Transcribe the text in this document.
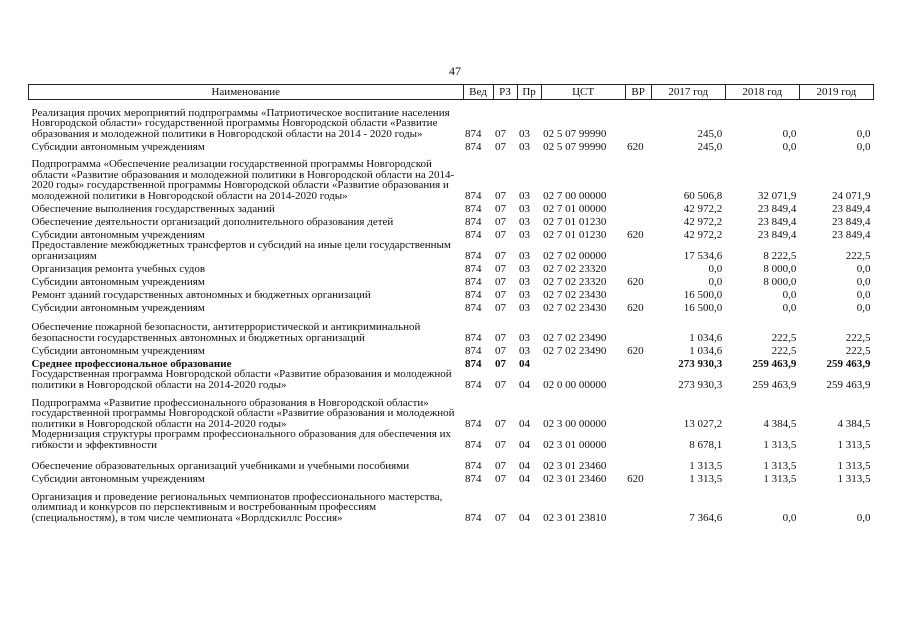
47
Наименование	Вед	РЗ	Пр	ЦСТ	ВР	2017 год	2018 год	2019 год
Реализация прочих мероприятий подпрограммы «Патриотическое воспитание населения Новгородской области» государственной программы Новгородской области «Развитие образования и молодежной политики в Новгородской области на 2014 - 2020 годы»	874	07	03	02 5 07 99990		245,0	0,0	0,0
Субсидии автономным учреждениям	874	07	03	02 5 07 99990	620	245,0	0,0	0,0
Подпрограмма «Обеспечение реализации государственной программы Новгородской области «Развитие образования и молодежной политики в Новгородской области на 2014-2020 годы» государственной программы Новгородской области «Развитие образования и молодежной политики в Новгородской области на 2014-2020 годы»	874	07	03	02 7 00 00000		60 506,8	32 071,9	24 071,9
Обеспечение выполнения государственных заданий	874	07	03	02 7 01 00000		42 972,2	23 849,4	23 849,4
Обеспечение деятельности организаций дополнительного образования детей	874	07	03	02 7 01 01230		42 972,2	23 849,4	23 849,4
Субсидии автономным учреждениям	874	07	03	02 7 01 01230	620	42 972,2	23 849,4	23 849,4
Предоставление межбюджетных трансфертов и субсидий на иные цели государственным организациям	874	07	03	02 7 02 00000		17 534,6	8 222,5	222,5
Организация ремонта учебных судов	874	07	03	02 7 02 23320		0,0	8 000,0	0,0
Субсидии автономным учреждениям	874	07	03	02 7 02 23320	620	0,0	8 000,0	0,0
Ремонт зданий государственных автономных и бюджетных организаций	874	07	03	02 7 02 23430		16 500,0	0,0	0,0
Субсидии автономным учреждениям	874	07	03	02 7 02 23430	620	16 500,0	0,0	0,0
Обеспечение пожарной безопасности, антитеррористической и антикриминальной безопасности государственных автономных и бюджетных организаций	874	07	03	02 7 02 23490		1 034,6	222,5	222,5
Субсидии автономным учреждениям	874	07	03	02 7 02 23490	620	1 034,6	222,5	222,5
Среднее профессиональное образование	874	07	04			273 930,3	259 463,9	259 463,9
Государственная программа Новгородской области «Развитие образования и молодежной политики в Новгородской области на 2014-2020 годы»	874	07	04	02 0 00 00000		273 930,3	259 463,9	259 463,9
Подпрограмма «Развитие профессионального образования в Новгородской области» государственной программы Новгородской области «Развитие образования и молодежной политики в Новгородской области на 2014-2020 годы»	874	07	04	02 3 00 00000		13 027,2	4 384,5	4 384,5
Модернизация структуры программ профессионального образования для обеспечения их гибкости и эффективности	874	07	04	02 3 01 00000		8 678,1	1 313,5	1 313,5
Обеспечение образовательных организаций учебниками и учебными пособиями	874	07	04	02 3 01 23460		1 313,5	1 313,5	1 313,5
Субсидии автономным учреждениям	874	07	04	02 3 01 23460	620	1 313,5	1 313,5	1 313,5
Организация и проведение региональных чемпионатов профессионального мастерства, олимпиад и конкурсов по перспективным и востребованным профессиям (специальностям), в том числе чемпионата «Ворлдскиллс Россия»	874	07	04	02 3 01 23810		7 364,6	0,0	0,0
